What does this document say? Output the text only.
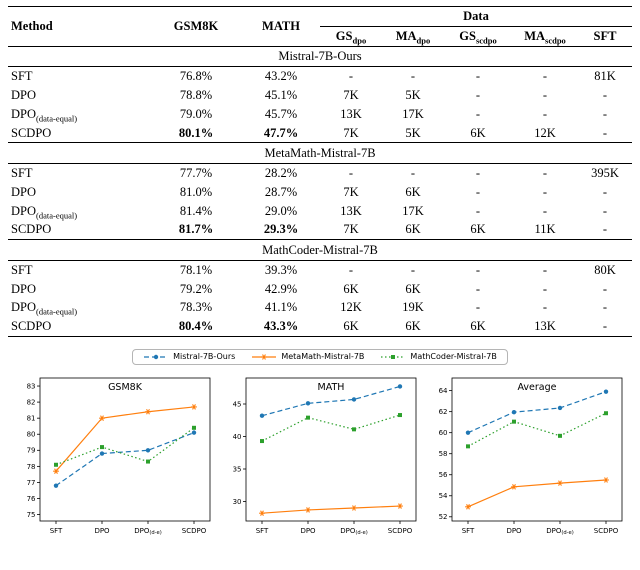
Method	GSM8K	MATH	Data				
			$GS_{dpo}$	$MA_{dpo}$	$GS_{scdpo}$	$MA_{scdpo}$	SFT
Mistral-7B-Ours							
SFT	76.8%	43.2%	-	-	-	-	81K
DPO	78.8%	45.1%	7K	5K	-	-	-
$DPO_{(data-equal)}$	79.0%	45.7%	13K	17K	-	-	-
SCDPO	80.1%	47.7%	7K	5K	6K	12K	-
MetaMath-Mistral-7B							
SFT	77.7%	28.2%	-	-	-	-	395K
DPO	81.0%	28.7%	7K	6K	-	-	-
$DPO_{(data-equal)}$	81.4%	29.0%	13K	17K	-	-	-
SCDPO	81.7%	29.3%	7K	6K	6K	11K	-
MathCoder-Mistral-7B							
SFT	78.1%	39.3%	-	-	-	-	80K
DPO	79.2%	42.9%	6K	6K	-	-	-
$DPO_{(data-equal)}$	78.3%	41.1%	12K	19K	-	-	-
SCDPO	80.4%	43.3%	6K	6K	6K	13K	-
Mistral-7B-Ours	MetaMath-Mistral-7B	MathCoder-Mistral-7B
75
76
77
78
79
80
81
82
83
SFT	DPO	DPO(d-e)	SCDPO
GSM8K
30
35
40
45
SFT	DPO	DPO(d-e)	SCDPO
MATH
52
54
56
58
60
62
64
SFT	DPO	DPO(d-e)	SCDPO
Average
